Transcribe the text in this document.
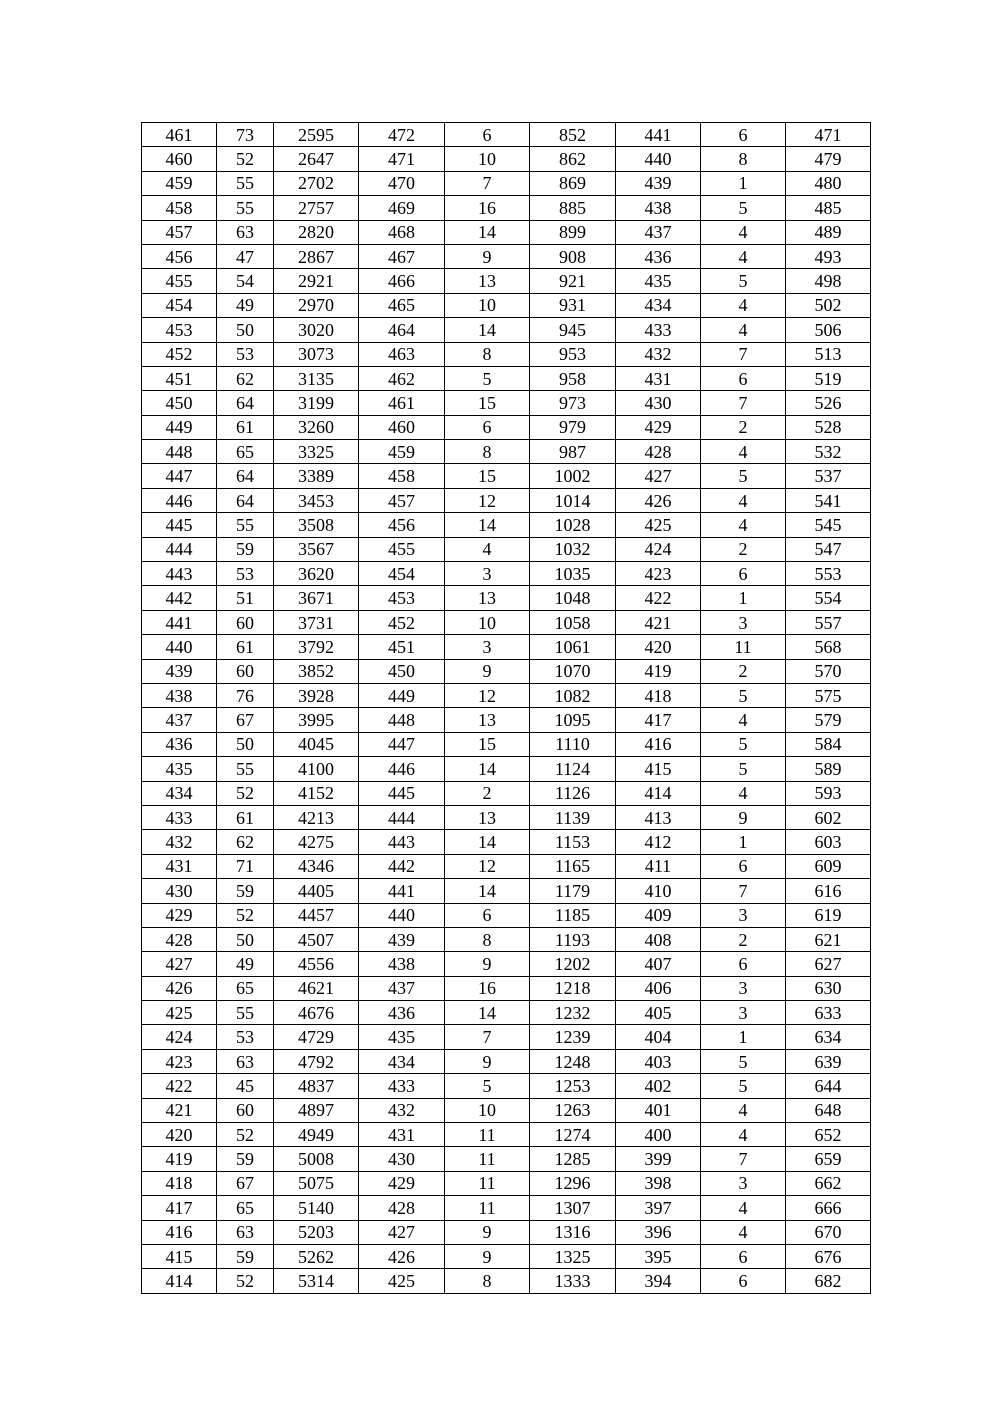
461	73	2595	472	6	852	441	6	471
460	52	2647	471	10	862	440	8	479
459	55	2702	470	7	869	439	1	480
458	55	2757	469	16	885	438	5	485
457	63	2820	468	14	899	437	4	489
456	47	2867	467	9	908	436	4	493
455	54	2921	466	13	921	435	5	498
454	49	2970	465	10	931	434	4	502
453	50	3020	464	14	945	433	4	506
452	53	3073	463	8	953	432	7	513
451	62	3135	462	5	958	431	6	519
450	64	3199	461	15	973	430	7	526
449	61	3260	460	6	979	429	2	528
448	65	3325	459	8	987	428	4	532
447	64	3389	458	15	1002	427	5	537
446	64	3453	457	12	1014	426	4	541
445	55	3508	456	14	1028	425	4	545
444	59	3567	455	4	1032	424	2	547
443	53	3620	454	3	1035	423	6	553
442	51	3671	453	13	1048	422	1	554
441	60	3731	452	10	1058	421	3	557
440	61	3792	451	3	1061	420	11	568
439	60	3852	450	9	1070	419	2	570
438	76	3928	449	12	1082	418	5	575
437	67	3995	448	13	1095	417	4	579
436	50	4045	447	15	1110	416	5	584
435	55	4100	446	14	1124	415	5	589
434	52	4152	445	2	1126	414	4	593
433	61	4213	444	13	1139	413	9	602
432	62	4275	443	14	1153	412	1	603
431	71	4346	442	12	1165	411	6	609
430	59	4405	441	14	1179	410	7	616
429	52	4457	440	6	1185	409	3	619
428	50	4507	439	8	1193	408	2	621
427	49	4556	438	9	1202	407	6	627
426	65	4621	437	16	1218	406	3	630
425	55	4676	436	14	1232	405	3	633
424	53	4729	435	7	1239	404	1	634
423	63	4792	434	9	1248	403	5	639
422	45	4837	433	5	1253	402	5	644
421	60	4897	432	10	1263	401	4	648
420	52	4949	431	11	1274	400	4	652
419	59	5008	430	11	1285	399	7	659
418	67	5075	429	11	1296	398	3	662
417	65	5140	428	11	1307	397	4	666
416	63	5203	427	9	1316	396	4	670
415	59	5262	426	9	1325	395	6	676
414	52	5314	425	8	1333	394	6	682
